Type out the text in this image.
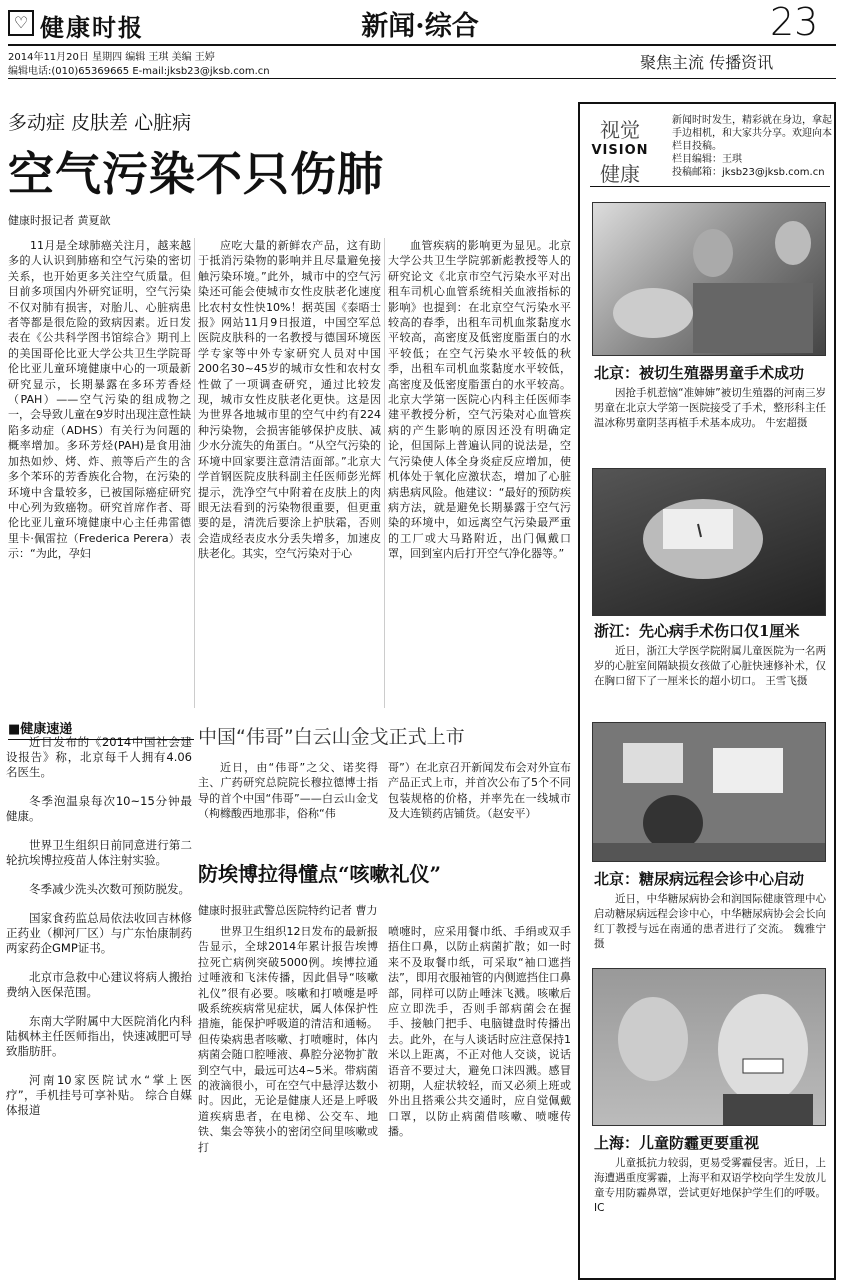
♡ 健康时报	新闻·综合	23
2014年11月20日 星期四 编辑 王琪 美编 王婷
编辑电话:(010)65369665 E-mail:jksb23@jksb.com.cn	聚焦主流 传播资讯
多动症 皮肤差 心脏病
空气污染不只伤肺
健康时报记者 黄夏歆

11月是全球肺癌关注月，越来越多的人认识到肺癌和空气污染的密切关系，也开始更多关注空气质量。但目前多项国内外研究证明，空气污染不仅对肺有损害，对胎儿、心脏病患者等都是很危险的致病因素。近日发表在《公共科学图书馆综合》期刊上的美国哥伦比亚大学公共卫生学院哥伦比亚儿童环境健康中心的一项最新研究显示，长期暴露在多环芳香烃（PAH）——空气污染的组成物之一，会导致儿童在9岁时出现注意性缺陷多动症（ADHS）有关行为问题的概率增加。多环芳烃(PAH)是食用油加热如炒、烤、炸、煎等后产生的含多个苯环的芳香族化合物，在污染的环境中含量较多，已被国际癌症研究中心列为致癌物。研究首席作者、哥伦比亚儿童环境健康中心主任弗雷德里卡·佩雷拉（Frederica Perera）表示：“为此，孕妇

应吃大量的新鲜农产品，这有助于抵消污染物的影响并且尽量避免接触污染环境。”此外，城市中的空气污染还可能会使城市女性皮肤老化速度比农村女性快10%！据英国《泰晤士报》网站11月9日报道，中国空军总医院皮肤科的一名教授与德国环境医学专家等中外专家研究人员对中国200名30~45岁的城市女性和农村女性做了一项调查研究，通过比较发现，城市女性皮肤老化更快。这是因为世界各地城市里的空气中约有224种污染物，会损害能够保护皮肤、减少水分流失的角蛋白。“从空气污染的环境中回家要注意清洁面部。”北京大学首钢医院皮肤科副主任医师彭光辉提示，洗净空气中附着在皮肤上的肉眼无法看到的污染物很重要，但更重要的是，清洗后要涂上护肤霜，否则会造成经表皮水分丢失增多，加速皮肤老化。其实，空气污染对于心

血管疾病的影响更为显见。北京大学公共卫生学院郭新彪教授等人的研究论文《北京市空气污染水平对出租车司机心血管系统相关血液指标的影响》也提到：在北京空气污染水平较高的春季，出租车司机血浆黏度水平较高，高密度及低密度脂蛋白的水平较低；在空气污染水平较低的秋季，出租车司机血浆黏度水平较低，高密度及低密度脂蛋白的水平较高。北京大学第一医院心内科主任医师李建平教授分析，空气污染对心血管疾病的产生影响的原因还没有明确定论，但国际上普遍认同的说法是，空气污染使人体全身炎症反应增加，使机体处于氧化应激状态，增加了心脏病患病风险。他建议：“最好的预防疾病方法，就是避免长期暴露于空气污染的环境中，如远离空气污染最严重的工厂或大马路附近，出门佩戴口罩，回到室内后打开空气净化器等。”

■健康速递
近日发布的《2014中国社会建设报告》称，北京每千人拥有4.06名医生。
冬季泡温泉每次10~15分钟最健康。
世界卫生组织日前同意进行第二轮抗埃博拉疫苗人体注射实验。
冬季减少洗头次数可预防脱发。
国家食药监总局依法收回吉林修正药业（柳河厂区）与广东怡康制药两家药企GMP证书。
北京市急救中心建议将病人搬抬费纳入医保范围。
东南大学附属中大医院消化内科陆枫林主任医师指出，快速减肥可导致脂肪肝。
河南10家医院试水“掌上医疗”，手机挂号可享补贴。 综合自媒体报道
中国“伟哥”白云山金戈正式上市

近日，由“伟哥”之父、诺奖得主、广药研究总院院长穆拉德博士指导的首个中国“伟哥”——白云山金戈（枸橼酸西地那非，俗称“伟

哥”）在北京召开新闻发布会对外宣布产品正式上市，并首次公布了5个不同包装规格的价格，并率先在一线城市及大连锁药店铺货。（赵安平）

防埃博拉得懂点“咳嗽礼仪”
健康时报驻武警总医院特约记者 曹力

世界卫生组织12日发布的最新报告显示，全球2014年累计报告埃博拉死亡病例突破5000例。埃博拉通过唾液和飞沫传播，因此倡导“咳嗽礼仪”很有必要。咳嗽和打喷嚏是呼吸系统疾病常见症状，属人体保护性措施，能保护呼吸道的清洁和通畅。但传染病患者咳嗽、打喷嚏时，体内病菌会随口腔唾液、鼻腔分泌物扩散到空气中，最远可达4~5米。带病菌的液滴很小，可在空气中悬浮达数小时。因此，无论是健康人还是上呼吸道疾病患者，在电梯、公交车、地铁、集会等狭小的密闭空间里咳嗽或打

喷嚏时，应采用餐巾纸、手绢或双手捂住口鼻，以防止病菌扩散；如一时来不及取餐巾纸，可采取“袖口遮挡法”，即用衣服袖管的内侧遮挡住口鼻部，同样可以防止唾沫飞溅。咳嗽后应立即洗手，否则手部病菌会在握手、接触门把手、电脑键盘时传播出去。此外，在与人谈话时应注意保持1米以上距离，不正对他人交谈，说话语音不要过大，避免口沫四溅。感冒初期，人症状较轻，而又必须上班或外出且搭乘公共交通时，应自觉佩戴口罩，以防止病菌借咳嗽、喷嚏传播。

视觉
VISION
健康
新闻时时发生，精彩就在身边，拿起手边相机，和大家共分享。欢迎向本栏目投稿。
栏目编辑：王琪
投稿邮箱：jksb23@jksb.com.cn
北京：被切生殖器男童手术成功
因抢手机惹恼“准婶婶”被切生殖器的河南三岁男童在北京大学第一医院接受了手术，整形科主任温冰称男童阴茎再植手术基本成功。 牛宏超摄
浙江：先心病手术伤口仅1厘米
近日，浙江大学医学院附属儿童医院为一名两岁的心脏室间隔缺损女孩做了心脏快速修补术，仅在胸口留下了一厘米长的超小切口。 王雪飞摄
北京：糖尿病远程会诊中心启动
近日，中华糖尿病协会和润国际健康管理中心启动糖尿病远程会诊中心，中华糖尿病协会会长向红丁教授与远在南通的患者进行了交流。 魏雅宁摄
上海：儿童防霾更要重视
儿童抵抗力较弱，更易受雾霾侵害。近日，上海遭遇重度雾霾，上海平和双语学校向学生发放儿童专用防霾鼻罩，尝试更好地保护学生们的呼吸。IC
